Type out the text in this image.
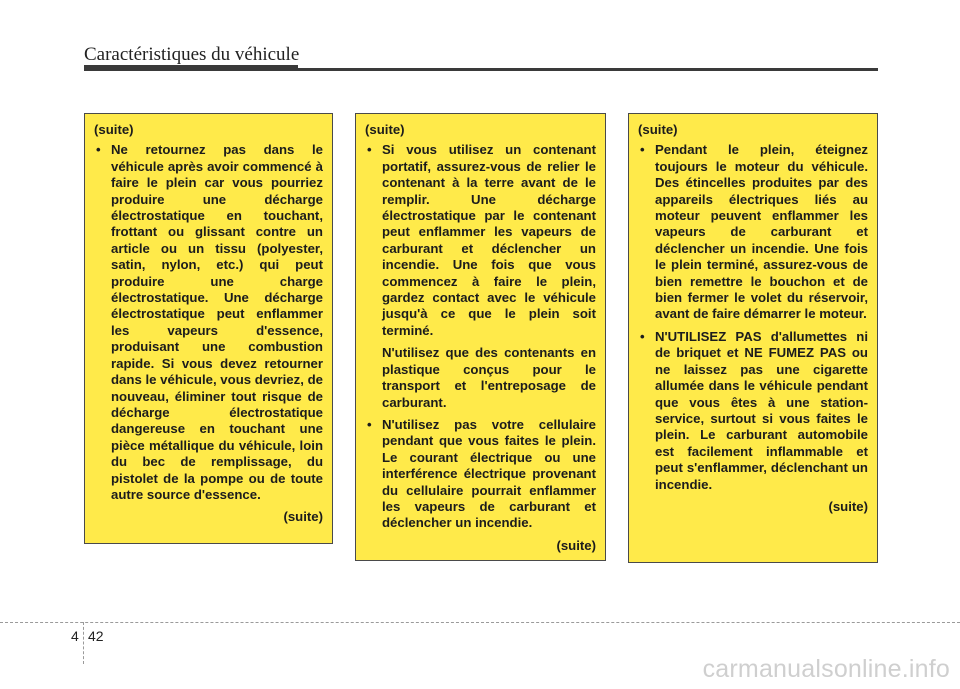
Caractéristiques du véhicule
(suite)
• Ne retournez pas dans le véhicule après avoir commencé à faire le plein car vous pourriez produire une décharge électrostatique en touchant, frottant ou glissant contre un article ou un tissu (polyester, satin, nylon, etc.) qui peut produire une charge électrostatique. Une décharge électrostatique peut enflammer les vapeurs d'essence, produisant une combustion rapide. Si vous devez retourner dans le véhicule, vous devriez, de nouveau, éliminer tout risque de décharge électrostatique dangereuse en touchant une pièce métallique du véhicule, loin du bec de remplissage, du pistolet de la pompe ou de toute autre source d'essence.
(suite)
(suite)
• Si vous utilisez un contenant portatif, assurez-vous de relier le contenant à la terre avant de le remplir. Une décharge électrostatique par le contenant peut enflammer les vapeurs de carburant et déclencher un incendie. Une fois que vous commencez à faire le plein, gardez contact avec le véhicule jusqu'à ce que le plein soit terminé.

N'utilisez que des contenants en plastique conçus pour le transport et l'entreposage de carburant.

• N'utilisez pas votre cellulaire pendant que vous faites le plein. Le courant électrique ou une interférence électrique provenant du cellulaire pourrait enflammer les vapeurs de carburant et déclencher un incendie.
(suite)
(suite)
• Pendant le plein, éteignez toujours le moteur du véhicule. Des étincelles produites par des appareils électriques liés au moteur peuvent enflammer les vapeurs de carburant et déclencher un incendie. Une fois le plein terminé, assurez-vous de bien remettre le bouchon et de bien fermer le volet du réservoir, avant de faire démarrer le moteur.
• N'UTILISEZ PAS d'allumettes ni de briquet et NE FUMEZ PAS ou ne laissez pas une cigarette allumée dans le véhicule pendant que vous êtes à une station-service, surtout si vous faites le plein. Le carburant automobile est facilement inflammable et peut s'enflammer, déclenchant un incendie.
(suite)
4 42
carmanualsonline.info
